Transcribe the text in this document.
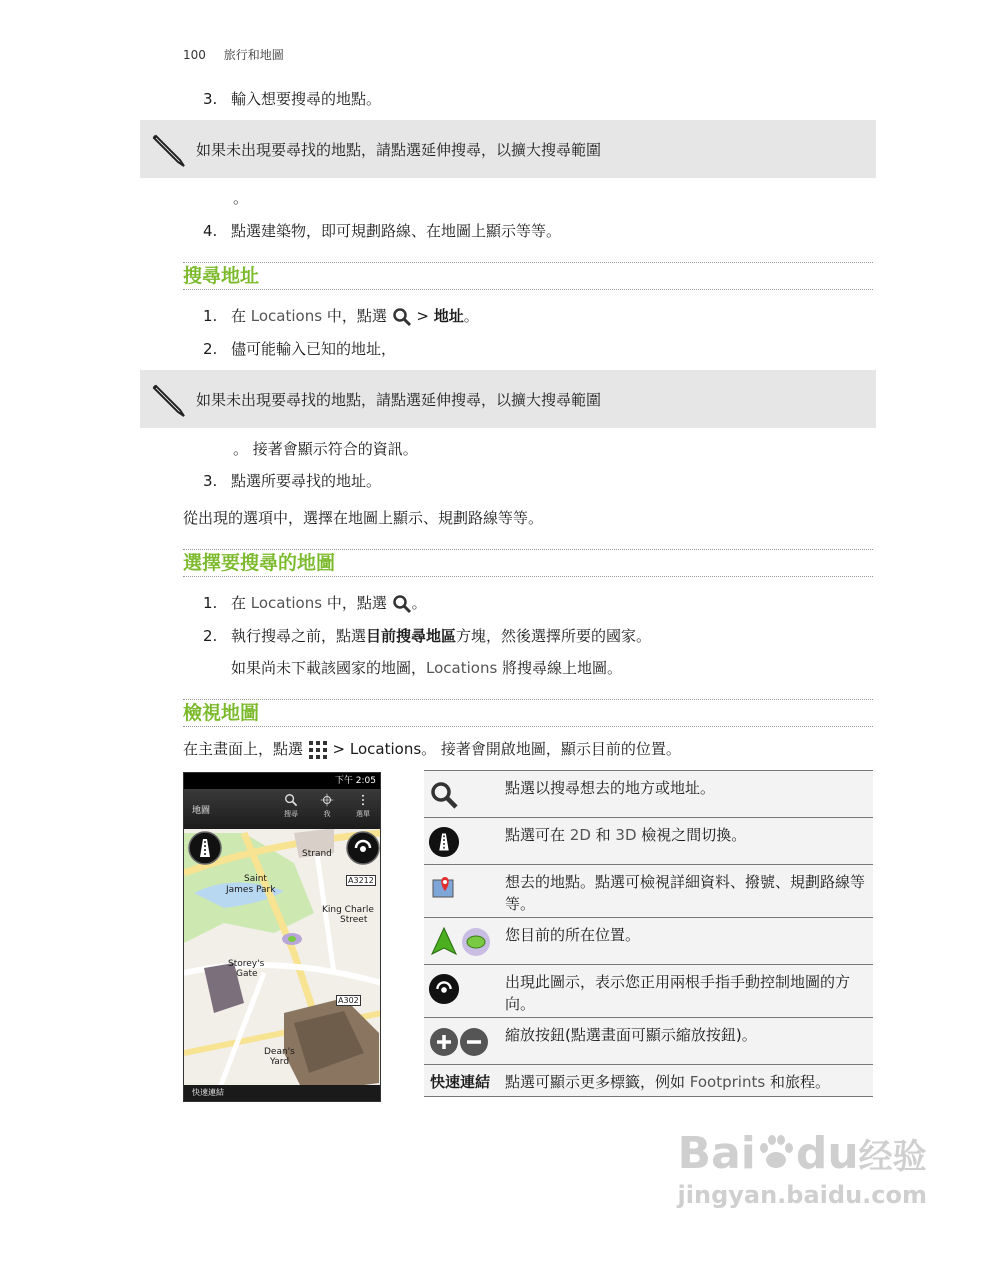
100 旅行和地圖
3. 輸入想要搜尋的地點。
如果未出現要尋找的地點，請點選延伸搜尋，以擴大搜尋範圍
。
4. 點選建築物，即可規劃路線、在地圖上顯示等等。
搜尋地址
1. 在 Locations 中，點選  > 地址。
2. 儘可能輸入已知的地址，
如果未出現要尋找的地點，請點選延伸搜尋，以擴大搜尋範圍
。 接著會顯示符合的資訊。
3. 點選所要尋找的地址。
從出現的選項中，選擇在地圖上顯示、規劃路線等等。
選擇要搜尋的地圖
1. 在 Locations 中，點選 。
2. 執行搜尋之前，點選目前搜尋地區方塊，然後選擇所要的國家。
如果尚未下載該國家的地圖，Locations 將搜尋線上地圖。
檢視地圖
在主畫面上，點選  > Locations。 接著會開啟地圖，顯示目前的位置。
下午 2:05
地圖	搜尋	我	選單
Strand
Saint
James Park
A3212
King Charle
Street
Storey's
Gate
A302
Dean's
Yard
快速連結
點選以搜尋想去的地方或地址。
點選可在 2D 和 3D 檢視之間切換。
想去的地點。點選可檢視詳細資料、撥號、規劃路線等等。
您目前的所在位置。
出現此圖示，表示您正用兩根手指手動控制地圖的方向。
縮放按鈕(點選畫面可顯示縮放按鈕)。
快速連結 點選可顯示更多標籤，例如 Footprints 和旅程。
Bai du经验
jingyan.baidu.com
